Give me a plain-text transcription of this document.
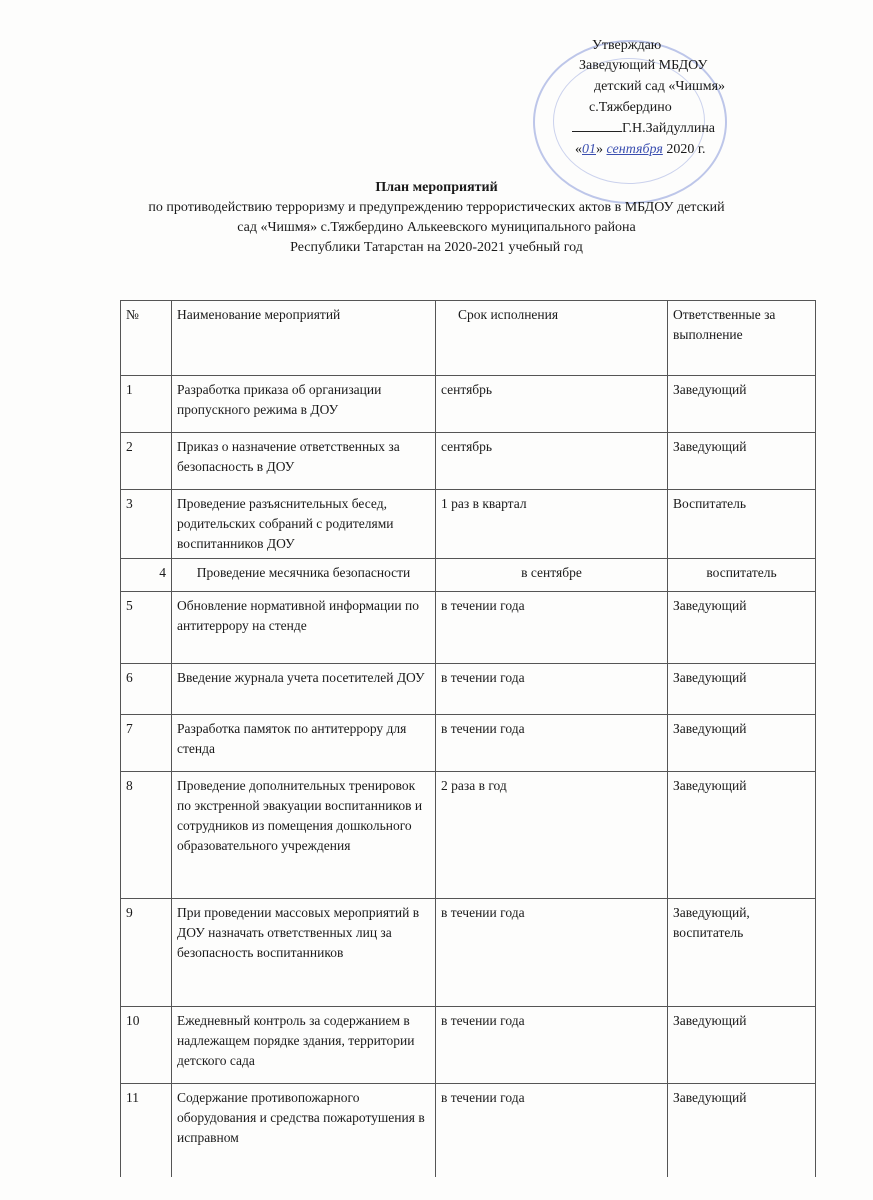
Утверждаю
Заведующий МБДОУ
детский сад «Чишмя»
с.Тяжбердино
Г.Н.Зайдуллина
«01» сентября 2020 г.
План мероприятий
по противодействию терроризму и предупреждению террористических актов в МБДОУ детский
сад «Чишмя» с.Тяжбердино Алькеевского муниципального района
Республики Татарстан на 2020-2021 учебный год
№	Наименование мероприятий	Срок исполнения	Ответственные за выполнение
1	Разработка приказа об организации пропускного режима в ДОУ	сентябрь	Заведующий
2	Приказ о назначение ответственных за безопасность в ДОУ	сентябрь	Заведующий
3	Проведение разъяснительных бесед, родительских собраний с родителями воспитанников ДОУ	1 раз в квартал	Воспитатель
4	Проведение месячника безопасности	в сентябре	воспитатель
5	Обновление нормативной информации по антитеррору на стенде	в течении года	Заведующий
6	Введение журнала учета посетителей ДОУ	в течении года	Заведующий
7	Разработка памяток по антитеррору для стенда	в течении года	Заведующий
8	Проведение дополнительных тренировок по экстренной эвакуации воспитанников и сотрудников из помещения дошкольного образовательного учреждения	2 раза в год	Заведующий
9	При проведении массовых мероприятий в ДОУ назначать ответственных лиц за безопасность воспитанников	в течении года	Заведующий, воспитатель
10	Ежедневный контроль за содержанием в надлежащем порядке здания, территории детского сада	в течении года	Заведующий
11	Содержание противопожарного оборудования и средства пожаротушения в исправном	в течении года	Заведующий
